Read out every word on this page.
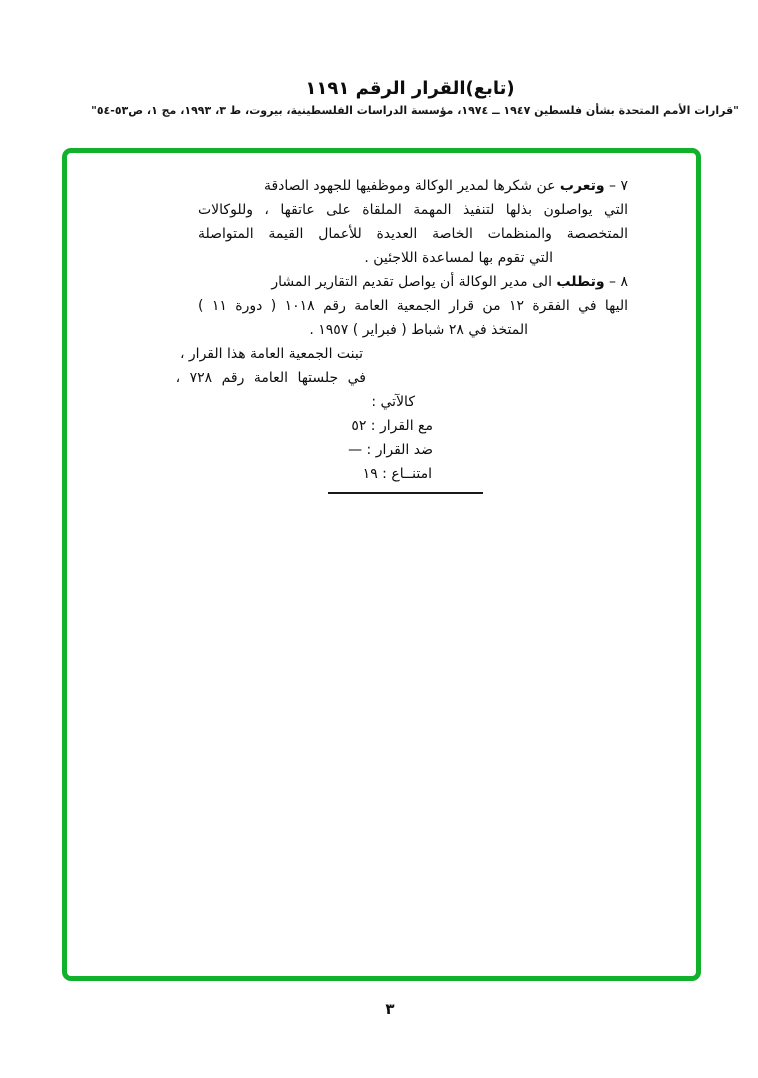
(تابع)القرار الرقم ١١٩١
"قرارات الأمم المتحدة بشأن فلسطين ١٩٤٧ ــ ١٩٧٤، مؤسسة الدراسات الفلسطينية، بيروت، ط ٣، ١٩٩٣، مج ١، ص٥٣-٥٤"
٧ – وتعرب عن شكرها لمدير الوكالة وموظفيها للجهود الصادقة
التي يواصلون بذلها لتنفيذ المهمة الملقاة على عاتقها ، وللوكالات
المتخصصة والمنظمات الخاصة العديدة للأعمال القيمة المتواصلة
التي تقوم بها لمساعدة اللاجئين .
٨ – وتطلب الى مدير الوكالة أن يواصل تقديم التقارير المشار
اليها في الفقرة ١٢ من قرار الجمعية العامة رقم ١٠١٨ ( دورة ١١ )
المتخذ في ٢٨ شباط ( فبراير ) ١٩٥٧ .
تبنت الجمعية العامة هذا القرار ،
في جلستها العامة رقم ٧٢٨ ،
كالآتي :
مع القرار : ٥٢
ضد القرار : —
امتنــاع : ١٩
٣
